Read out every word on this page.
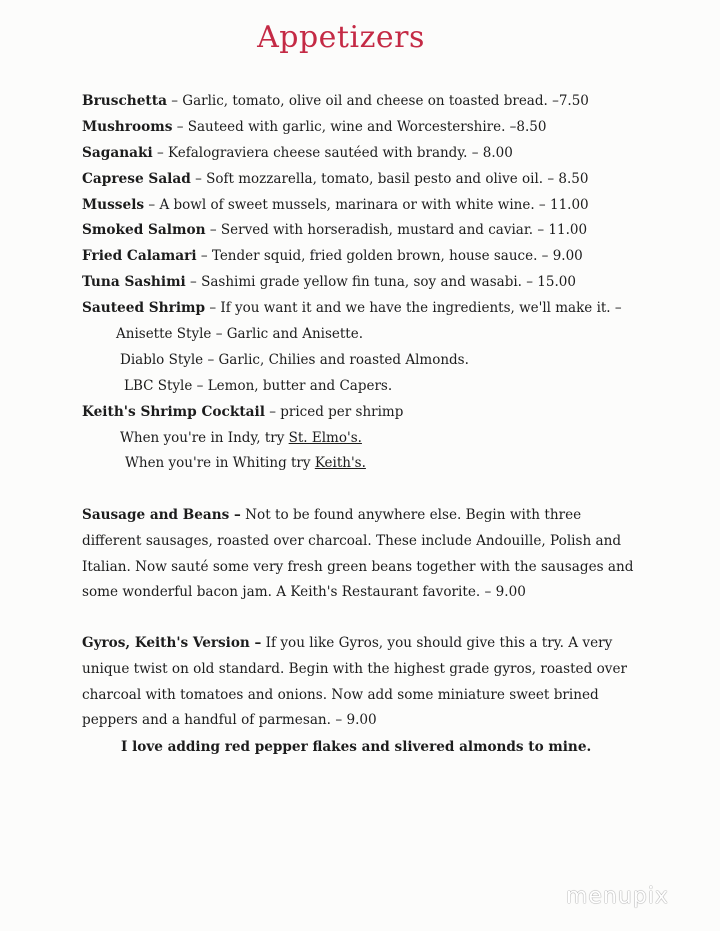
Appetizers
Bruschetta – Garlic, tomato, olive oil and cheese on toasted bread. –7.50
Mushrooms – Sauteed with garlic, wine and Worcestershire. –8.50
Saganaki – Kefalograviera cheese sautéed with brandy. – 8.00
Caprese Salad – Soft mozzarella, tomato, basil pesto and olive oil. – 8.50
Mussels – A bowl of sweet mussels, marinara or with white wine. – 11.00
Smoked Salmon – Served with horseradish, mustard and caviar. – 11.00
Fried Calamari – Tender squid, fried golden brown, house sauce. – 9.00
Tuna Sashimi – Sashimi grade yellow fin tuna, soy and wasabi. – 15.00
Sauteed Shrimp – If you want it and we have the ingredients, we'll make it. –
Anisette Style – Garlic and Anisette.
Diablo Style – Garlic, Chilies and roasted Almonds.
LBC Style – Lemon, butter and Capers.
Keith's Shrimp Cocktail – priced per shrimp
When you're in Indy, try St. Elmo's.
When you're in Whiting try Keith's.
Sausage and Beans – Not to be found anywhere else. Begin with three different sausages, roasted over charcoal. These include Andouille, Polish and Italian. Now sauté some very fresh green beans together with the sausages and some wonderful bacon jam. A Keith's Restaurant favorite. – 9.00
Gyros, Keith's Version – If you like Gyros, you should give this a try. A very unique twist on old standard. Begin with the highest grade gyros, roasted over charcoal with tomatoes and onions. Now add some miniature sweet brined peppers and a handful of parmesan. – 9.00
I love adding red pepper flakes and slivered almonds to mine.
menupix
